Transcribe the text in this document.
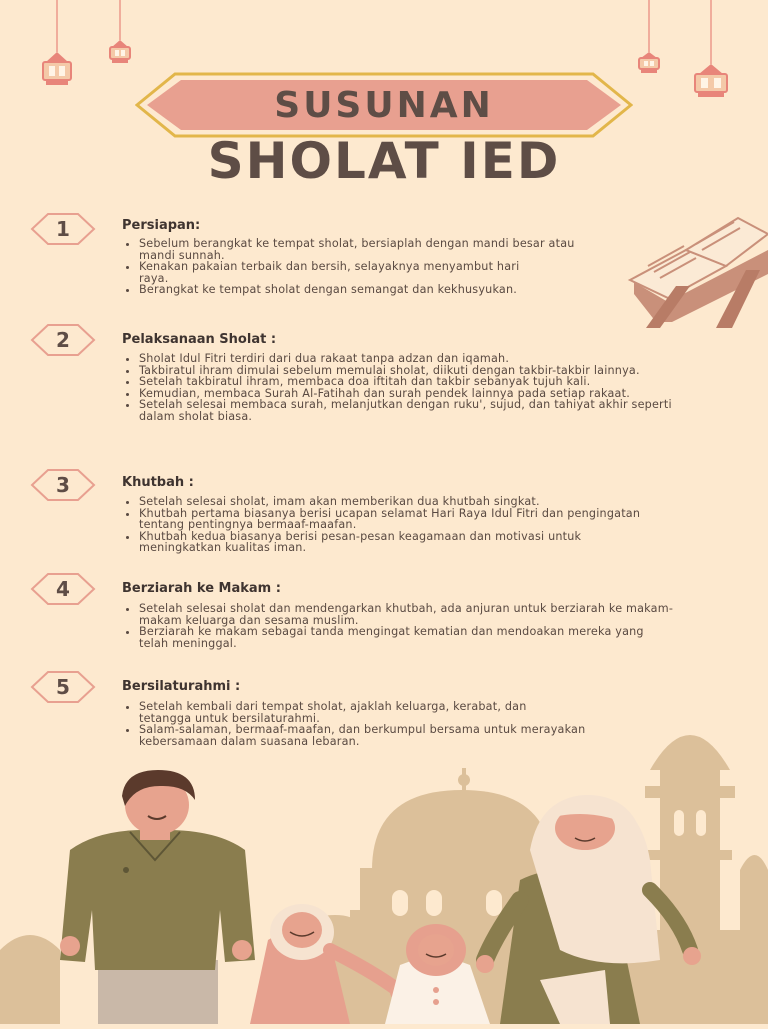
SUSUNAN
SHOLAT IED
1	Persiapan:
• Sebelum berangkat ke tempat sholat, bersiaplah dengan mandi besar atau mandi sunnah.
• Kenakan pakaian terbaik dan bersih, selayaknya menyambut hari raya.
• Berangkat ke tempat sholat dengan semangat dan kekhusyukan.
2	Pelaksanaan Sholat :
• Sholat Idul Fitri terdiri dari dua rakaat tanpa adzan dan iqamah.
• Takbiratul ihram dimulai sebelum memulai sholat, diikuti dengan takbir-takbir lainnya.
• Setelah takbiratul ihram, membaca doa iftitah dan takbir sebanyak tujuh kali.
• Kemudian, membaca Surah Al-Fatihah dan surah pendek lainnya pada setiap rakaat.
• Setelah selesai membaca surah, melanjutkan dengan ruku', sujud, dan tahiyat akhir seperti dalam sholat biasa.
3	Khutbah :
• Setelah selesai sholat, imam akan memberikan dua khutbah singkat.
• Khutbah pertama biasanya berisi ucapan selamat Hari Raya Idul Fitri dan pengingatan tentang pentingnya bermaaf-maafan.
• Khutbah kedua biasanya berisi pesan-pesan keagamaan dan motivasi untuk meningkatkan kualitas iman.
4	Berziarah ke Makam :
• Setelah selesai sholat dan mendengarkan khutbah, ada anjuran untuk berziarah ke makam-makam keluarga dan sesama muslim.
• Berziarah ke makam sebagai tanda mengingat kematian dan mendoakan mereka yang telah meninggal.
5	Bersilaturahmi :
• Setelah kembali dari tempat sholat, ajaklah keluarga, kerabat, dan tetangga untuk bersilaturahmi.
• Salam-salaman, bermaaf-maafan, dan berkumpul bersama untuk merayakan kebersamaan dalam suasana lebaran.
